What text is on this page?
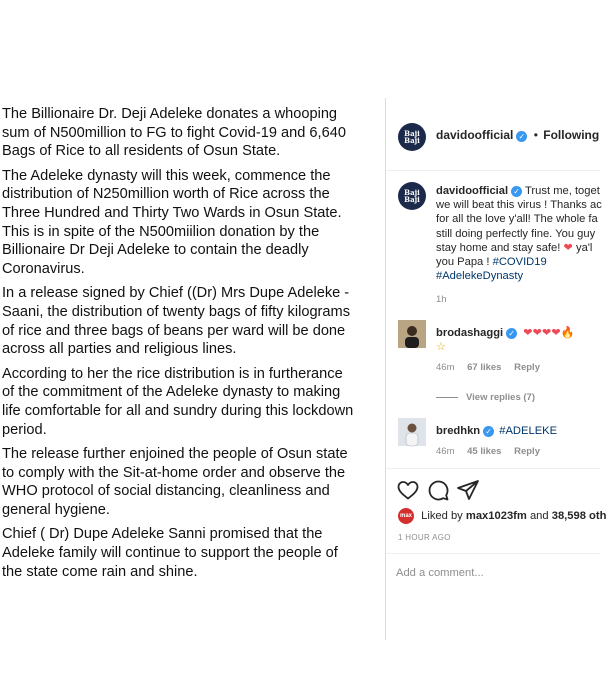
The Billionaire Dr. Deji Adeleke donates a whooping
sum of N500million to FG to fight Covid-19 and 6,640
Bags of Rice to all residents of Osun State.

The Adeleke dynasty will this week, commence the
distribution of N250million worth of Rice across the
Three Hundred and Thirty Two Wards in Osun State.
This is in spite of the N500miilion donation by the
Billionaire Dr Deji Adeleke to contain the deadly
Coronavirus.

In a release signed by Chief ((Dr) Mrs Dupe Adeleke -
Saani, the distribution of twenty bags of fifty kilograms
of rice and three bags of beans per ward will be done
across all parties and religious lines.

According to her the rice distribution is in furtherance
of the commitment of the Adeleke dynasty to making
life comfortable for all and sundry during this lockdown
period.

The release further enjoined the people of Osun state
to comply with the Sit-at-home order and observe the
WHO protocol of social distancing, cleanliness and
general hygiene.

Chief ( Dr) Dupe Adeleke Sanni promised that the
Adeleke family will continue to support the people of
the state come rain and shine.

Baji Baji davidoofficial ✓ • Following
Baji Baji
davidoofficial ✓ Trust me, toget
we will beat this virus ! Thanks ac
for all the love y'all! The whole fa
still doing perfectly fine. You guy
stay home and stay safe! ❤ ya'l
you Papa ! #COVID19
#AdelekeDynasty
1h
brodashaggi ✓ ❤❤❤❤🔥
☆
46m 67 likes Reply
View replies (7)
bredhkn ✓ #ADELEKE
46m 45 likes Reply
max Liked by max1023fm and 38,598 oth
1 HOUR AGO
Add a comment...
